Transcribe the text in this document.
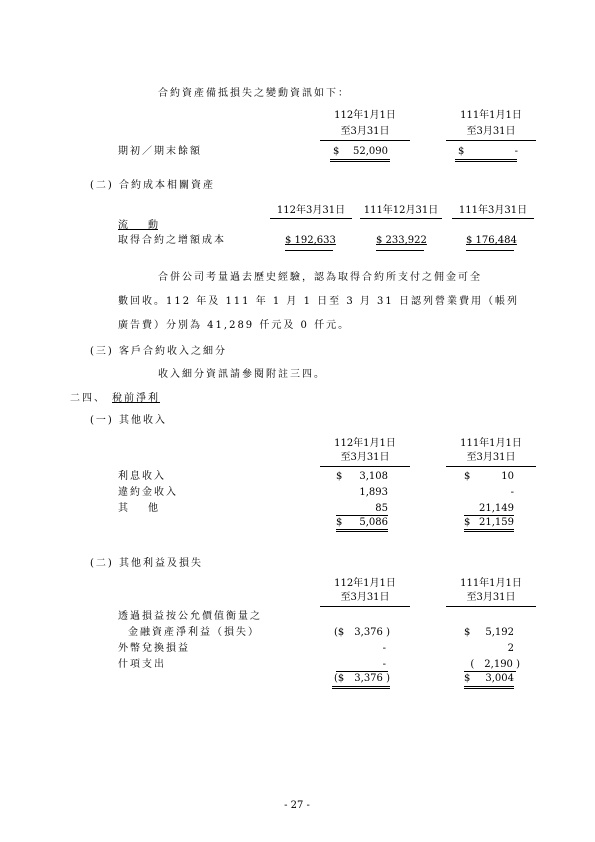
合約資產備抵損失之變動資訊如下：
112年1月1日
至3月31日
111年1月1日
至3月31日
期初／期末餘額	$	52,090	$	-
(二) 合約成本相關資產
112年3月31日	111年12月31日	111年3月31日
流　　動
取得合約之增額成本	$ 192,633	$ 233,922	$ 176,484
合併公司考量過去歷史經驗，認為取得合約所支付之佣金可全
數回收。112 年及 111 年 1 月 1 日至 3 月 31 日認列營業費用（帳列
廣告費）分別為 41,289 仟元及 0 仟元。
(三) 客戶合約收入之細分
收入細分資訊請參閱附註三四。
二四、 稅前淨利
(一) 其他收入
112年1月1日
至3月31日
111年1月1日
至3月31日
利息收入	$	3,108	$	10
違約金收入	1,893	-
其　　他	85	21,149
$	5,086	$ 21,159
(二) 其他利益及損失
112年1月1日
至3月31日
111年1月1日
至3月31日
透過損益按公允價值衡量之
金融資產淨利益（損失）	($　3,376 )	$	5,192
外幣兌換損益	-	2
什項支出	-	(　2,190 )
($　3,376 )	$	3,004
- 27 -
